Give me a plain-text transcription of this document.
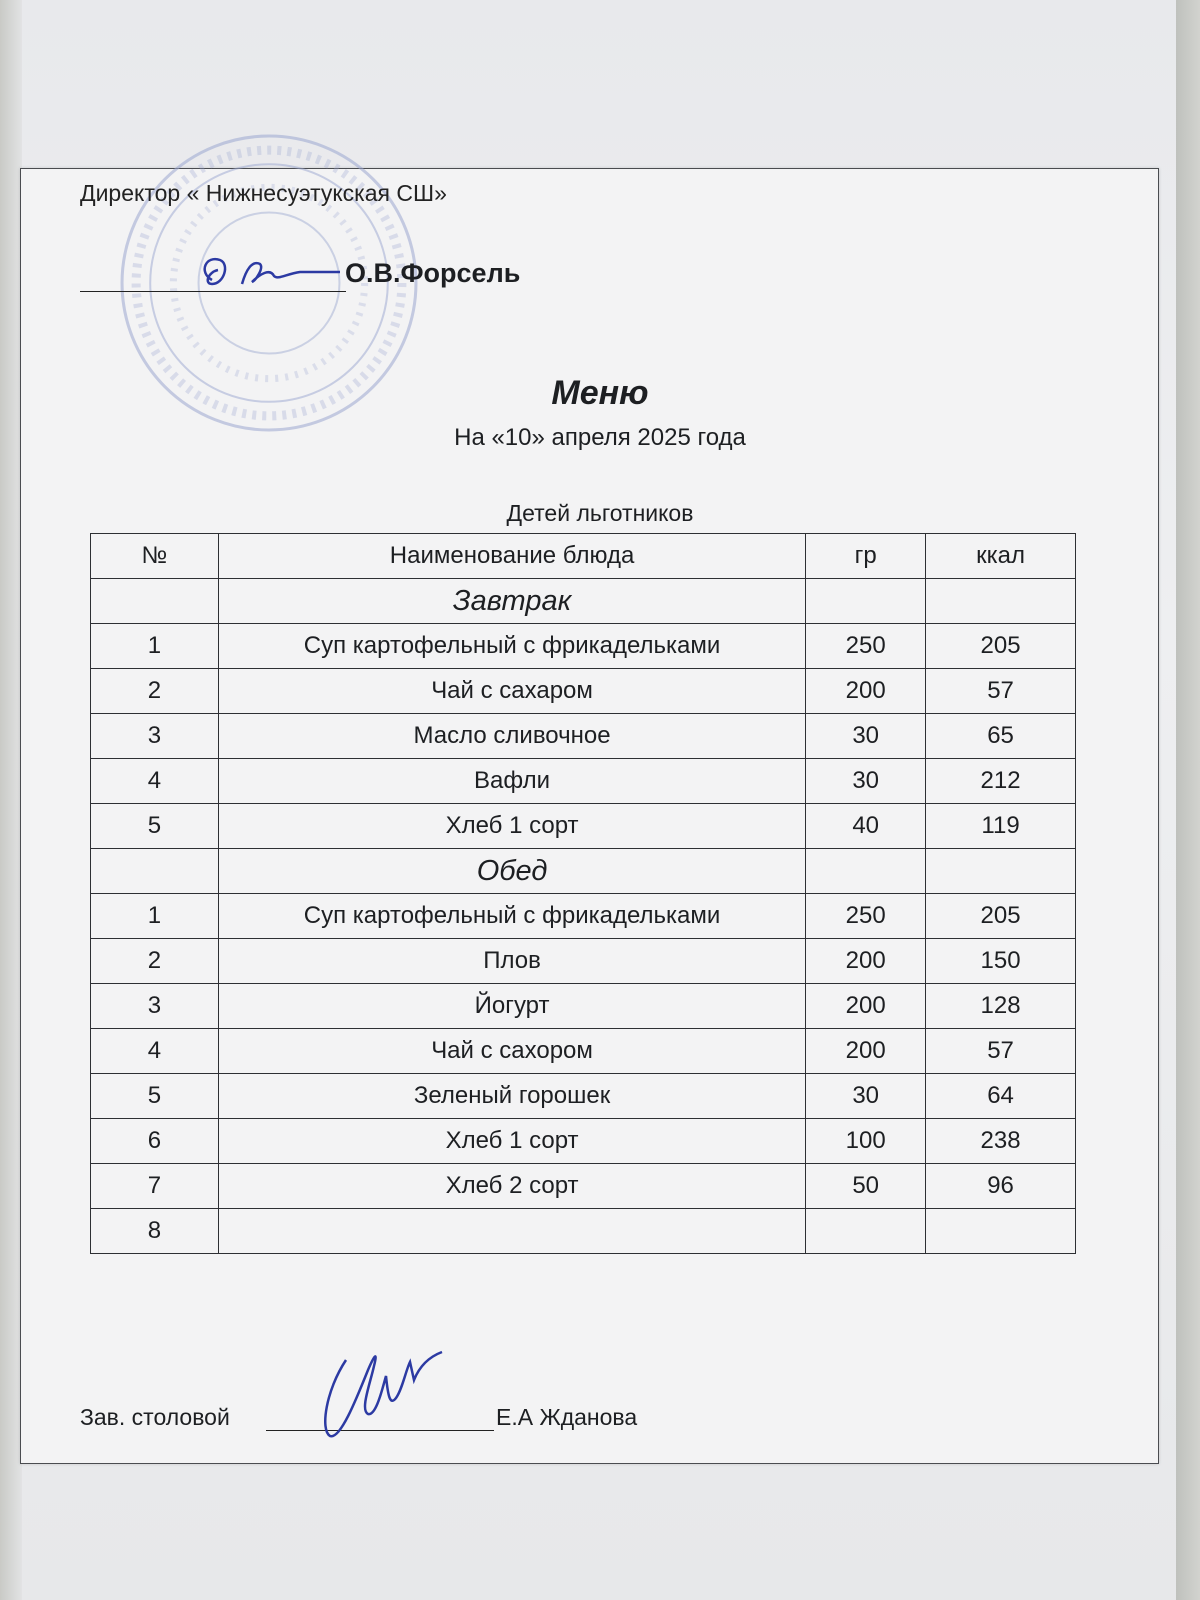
Директор « Нижнесуэтукская СШ»
О.В.Форсель
Меню
На «10» апреля 2025 года
Детей льготников
№	Наименование блюда	гр	ккал
	Завтрак		
1	Суп картофельный с фрикадельками	250	205
2	Чай с сахаром	200	57
3	Масло сливочное	30	65
4	Вафли	30	212
5	Хлеб 1 сорт	40	119
	Обед		
1	Суп картофельный с фрикадельками	250	205
2	Плов	200	150
3	Йогурт	200	128
4	Чай с сахором	200	57
5	Зеленый горошек	30	64
6	Хлеб 1 сорт	100	238
7	Хлеб 2 сорт	50	96
8			
Зав. столовой	Е.А Жданова
